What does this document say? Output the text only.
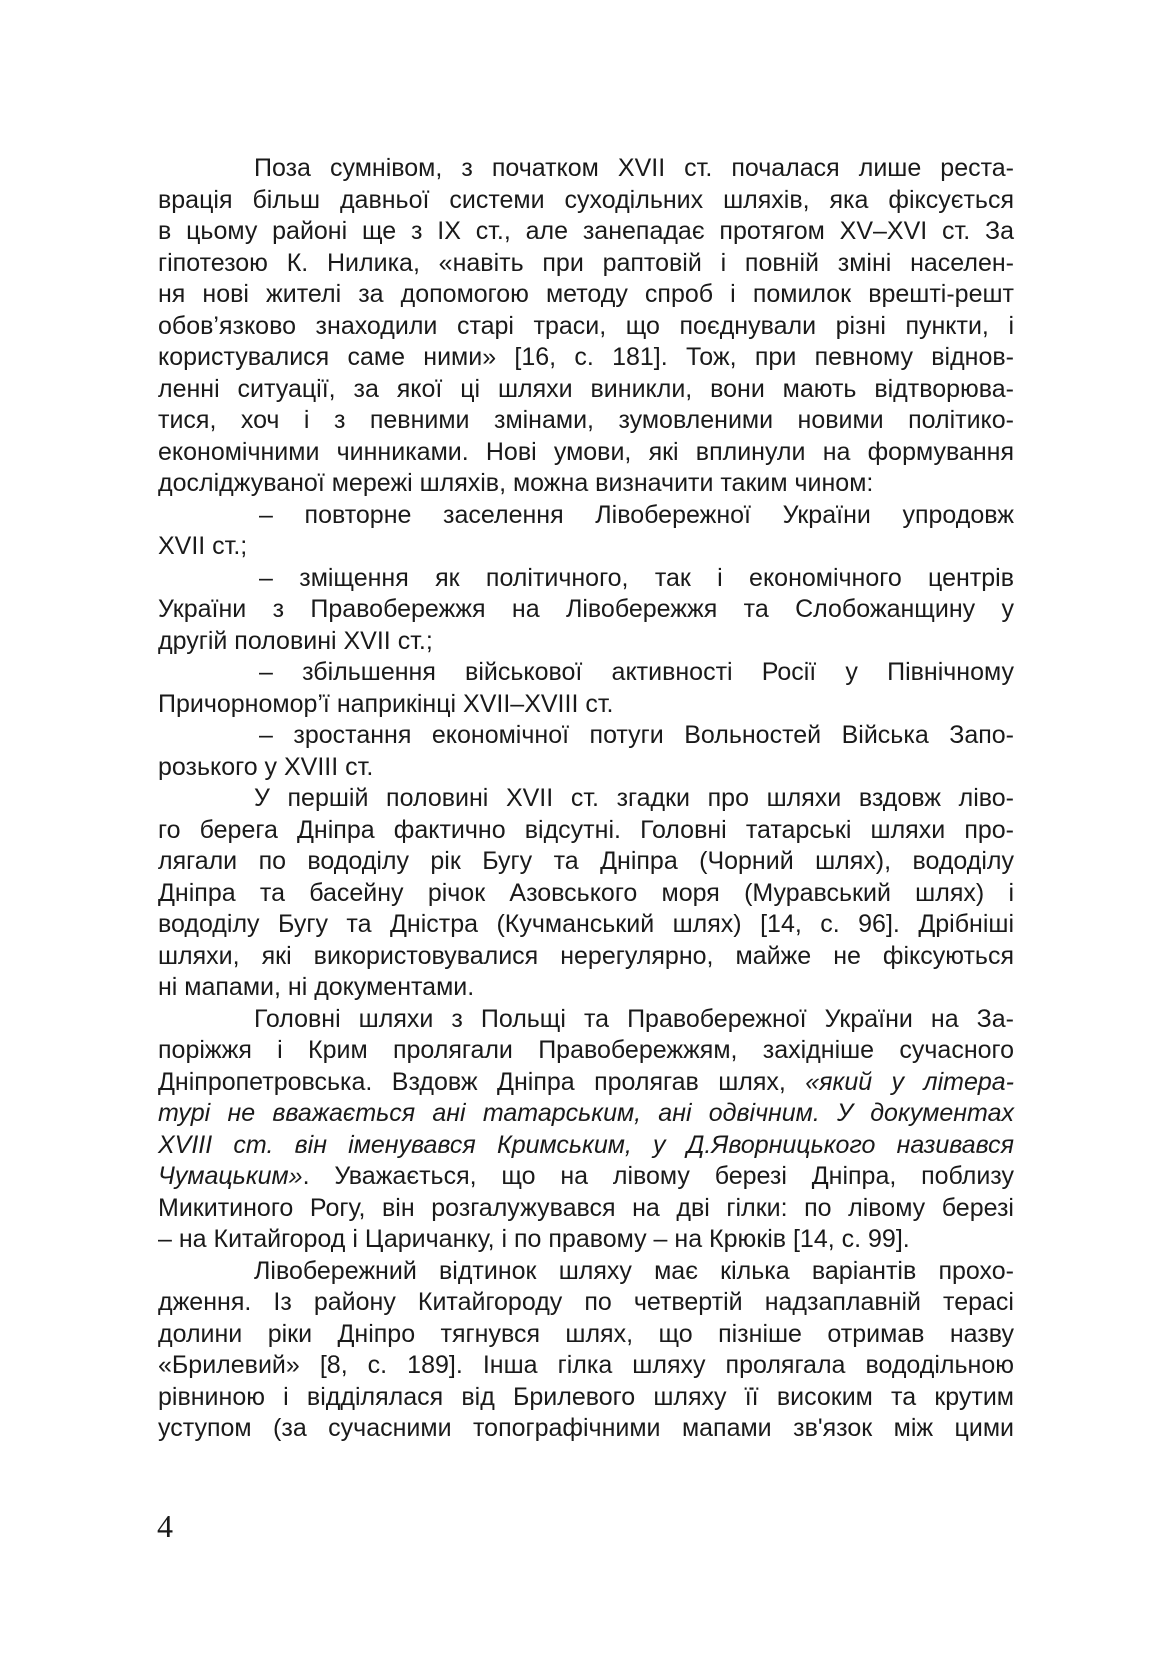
Поза сумнівом, з початком XVII ст. почалася лише реста-
врація більш давньої системи суходільних шляхів, яка фіксується
в цьому районі ще з IX ст., але занепадає протягом XV–XVI ст. За
гіпотезою К. Нилика, «навіть при раптовій і повній зміні населен-
ня нові жителі за допомогою методу спроб і помилок врешті-решт
обов’язково знаходили старі траси, що поєднували різні пункти, і
користувалися саме ними» [16, с. 181]. Тож, при певному віднов-
ленні ситуації, за якої ці шляхи виникли, вони мають відтворюва-
тися, хоч і з певними змінами, зумовленими новими політико-
економічними чинниками. Нові умови, які вплинули на формування
досліджуваної мережі шляхів, можна визначити таким чином:
– повторне заселення Лівобережної України упродовж
XVII ст.;
– зміщення як політичного, так і економічного центрів
України з Правобережжя на Лівобережжя та Слобожанщину у
другій половині XVII ст.;
– збільшення військової активності Росії у Північному
Причорномор’ї наприкінці XVII–XVIII ст.
– зростання економічної потуги Вольностей Війська Запо-
розького у XVIII ст.
У першій половині XVII ст. згадки про шляхи вздовж ліво-
го берега Дніпра фактично відсутні. Головні татарські шляхи про-
лягали по вододілу рік Бугу та Дніпра (Чорний шлях), вододілу
Дніпра та басейну річок Азовського моря (Муравський шлях) і
вододілу Бугу та Дністра (Кучманський шлях) [14, с. 96]. Дрібніші
шляхи, які використовувалися нерегулярно, майже не фіксуються
ні мапами, ні документами.
Головні шляхи з Польщі та Правобережної України на За-
поріжжя і Крим пролягали Правобережжям, західніше сучасного
Дніпропетровська. Вздовж Дніпра пролягав шлях, «який у літера-
турі не вважається ані татарським, ані одвічним. У документах
XVIII ст. він іменувався Кримським, у Д.Яворницького називався
Чумацьким». Уважається, що на лівому березі Дніпра, поблизу
Микитиного Рогу, він розгалужувався на дві гілки: по лівому березі
– на Китайгород і Царичанку, і по правому – на Крюків [14, с. 99].
Лівобережний відтинок шляху має кілька варіантів прохо-
дження. Із району Китайгороду по четвертій надзаплавній терасі
долини ріки Дніпро тягнувся шлях, що пізніше отримав назву
«Брилевий» [8, с. 189]. Інша гілка шляху пролягала вододільною
рівниною і відділялася від Брилевого шляху її високим та крутим
уступом (за сучасними топографічними мапами зв'язок між цими
4
